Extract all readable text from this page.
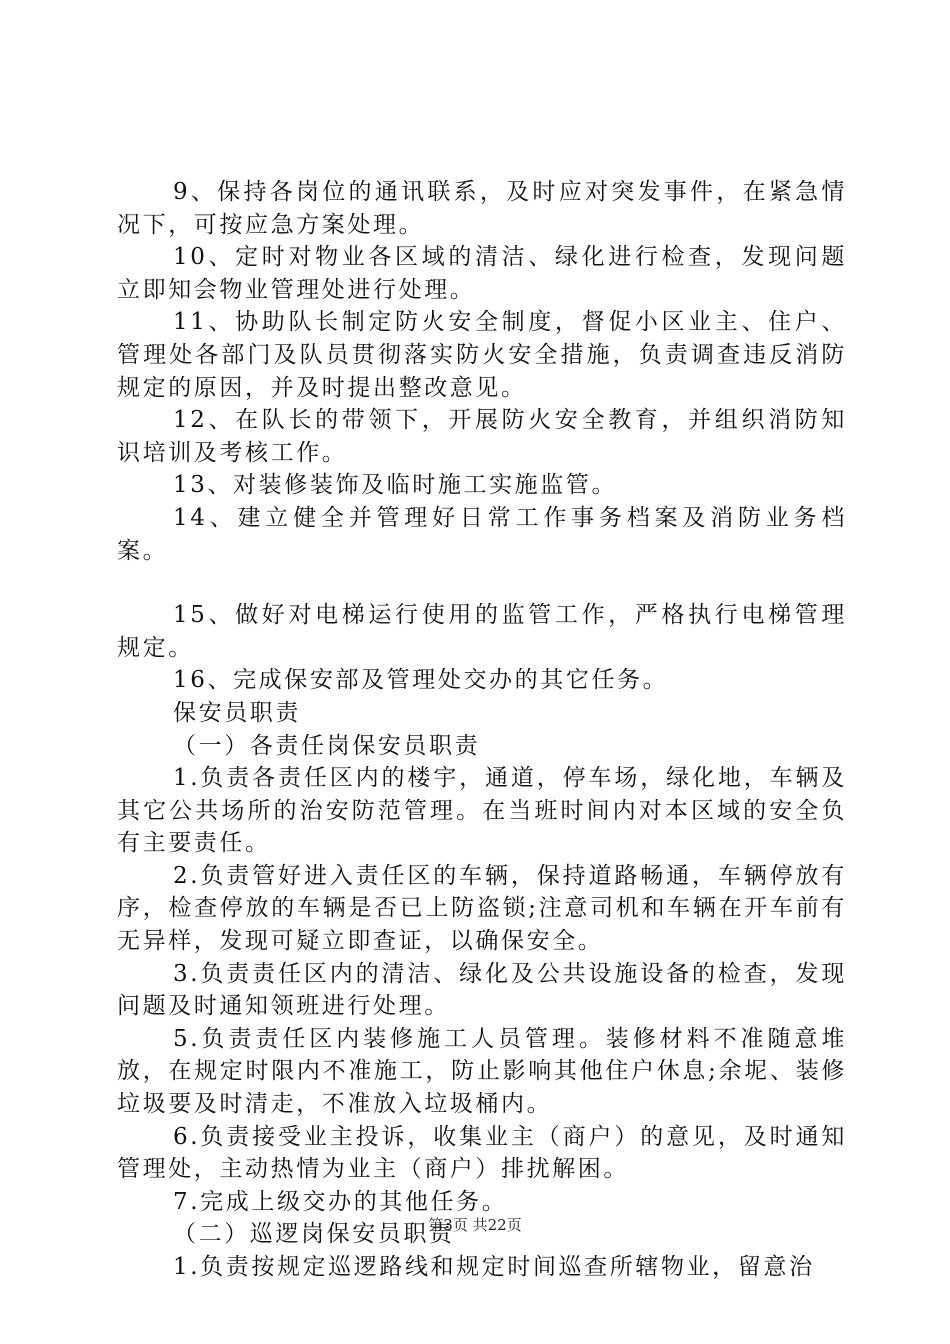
9、保持各岗位的通讯联系，及时应对突发事件，在紧急情况下，可按应急方案处理。

10、定时对物业各区域的清洁、绿化进行检查，发现问题立即知会物业管理处进行处理。

11、协助队长制定防火安全制度，督促小区业主、住户、管理处各部门及队员贯彻落实防火安全措施，负责调查违反消防规定的原因，并及时提出整改意见。

12、在队长的带领下，开展防火安全教育，并组织消防知识培训及考核工作。

13、对装修装饰及临时施工实施监管。

14、建立健全并管理好日常工作事务档案及消防业务档案。

15、做好对电梯运行使用的监管工作，严格执行电梯管理规定。

16、完成保安部及管理处交办的其它任务。

保安员职责

（一）各责任岗保安员职责

1.负责各责任区内的楼宇，通道，停车场，绿化地，车辆及其它公共场所的治安防范管理。在当班时间内对本区域的安全负有主要责任。

2.负责管好进入责任区的车辆，保持道路畅通，车辆停放有序，检查停放的车辆是否已上防盗锁;注意司机和车辆在开车前有无异样，发现可疑立即查证，以确保安全。

3.负责责任区内的清洁、绿化及公共设施设备的检查，发现问题及时通知领班进行处理。

5.负责责任区内装修施工人员管理。装修材料不准随意堆放，在规定时限内不准施工，防止影响其他住户休息;余坭、装修垃圾要及时清走，不准放入垃圾桶内。

6.负责接受业主投诉，收集业主（商户）的意见，及时通知管理处，主动热情为业主（商户）排扰解困。

7.完成上级交办的其他任务。

（二）巡逻岗保安员职责

1.负责按规定巡逻路线和规定时间巡查所辖物业，留意治

第3页 共22页
